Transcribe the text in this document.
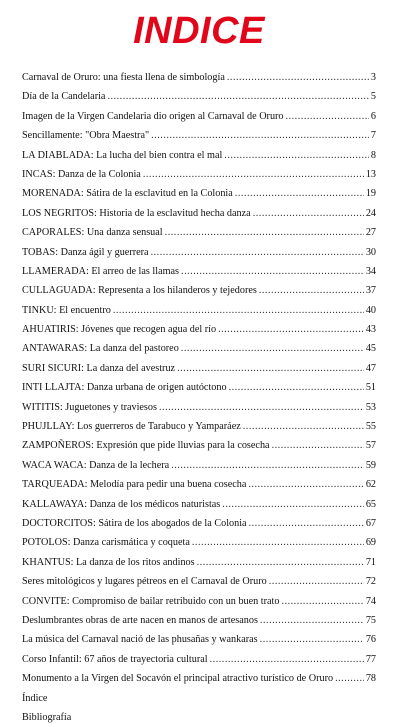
INDICE
Carnaval de Oruro: una fiesta llena de simbología .....	3
Día de la Candelaria .....	5
Imagen de la Virgen Candelaria dio origen al Carnaval de Oruro .....	6
Sencillamente: "Obra Maestra" .....	7
LA DIABLADA: La lucha del bien contra el mal .....	8
INCAS: Danza de la Colonia .....	13
MORENADA: Sátira de la esclavitud en la Colonia .....	19
LOS NEGRITOS: Historia de la esclavitud hecha danza .....	24
CAPORALES: Una danza sensual .....	27
TOBAS: Danza ágil y guerrera .....	30
LLAMERADA: El arreo de las llamas .....	34
CULLAGUADA: Representa a los hilanderos y tejedores .....	37
TINKU: El encuentro .....	40
AHUATIRIS: Jóvenes que recogen agua del río .....	43
ANTAWARAS: La danza del pastoreo .....	45
SURI SICURI: La danza del avestruz .....	47
INTI LLAJTA: Danza urbana de origen autóctono .....	51
WITITIS: Juguetones y traviesos .....	53
PHUJLLAY: Los guerreros de Tarabuco y Yamparáez .....	55
ZAMPOÑEROS: Expresión que pide lluvias para la cosecha .....	57
WACA WACA: Danza de la lechera .....	59
TARQUEADA: Melodía para pedir una buena cosecha .....	62
KALLAWAYA: Danza de los médicos naturistas .....	65
DOCTORCITOS: Sátira de los abogados de la Colonia .....	67
POTOLOS: Danza carismática y coqueta .....	69
KHANTUS: La danza de los ritos andinos .....	71
Seres mitológicos y lugares pétreos en el Carnaval de Oruro .....	72
CONVITE: Compromiso de bailar retribuido con un buen trato .....	74
Deslumbrantes obras de arte nacen en manos de artesanos .....	75
La música del Carnaval nació de las phusañas y wankaras .....	76
Corso Infantil: 67 años de trayectoria cultural .....	77
Monumento a la Virgen del Socavón el principal atractivo turístico de Oruro .....	78
Índice
Bibliografía
